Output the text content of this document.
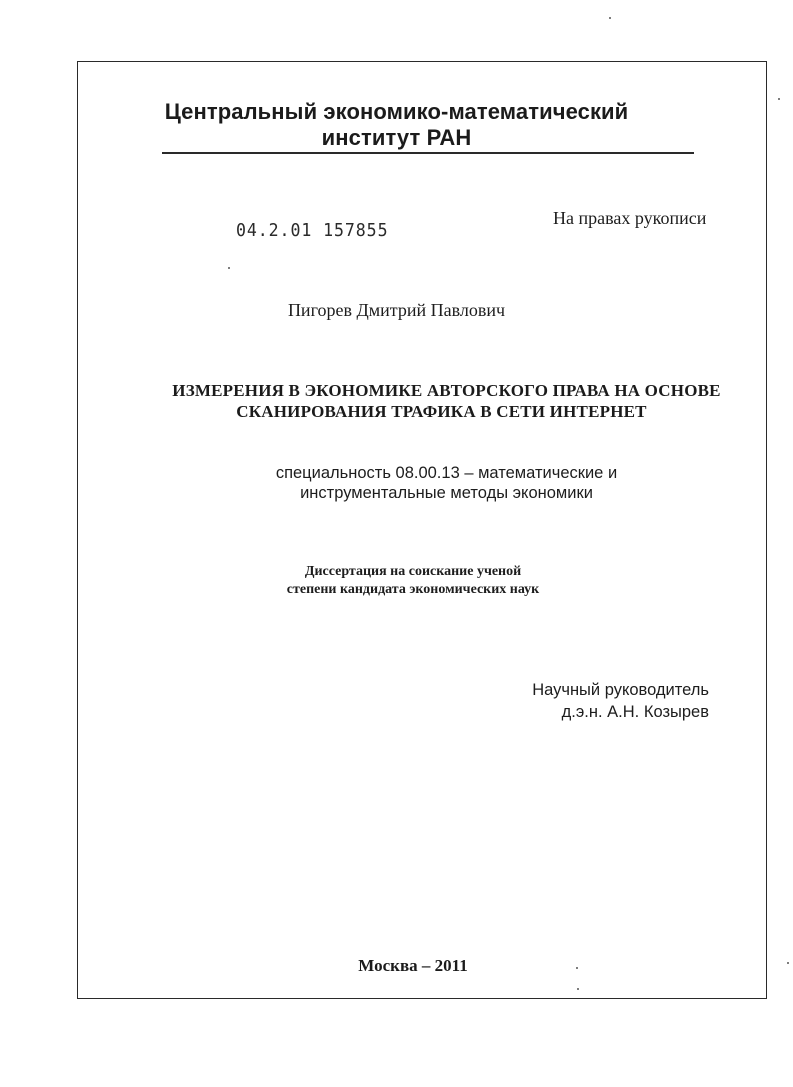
Центральный экономико-математический
институт РАН
04.2.01 157855
На правах рукописи
Пигорев Дмитрий Павлович
ИЗМЕРЕНИЯ В ЭКОНОМИКЕ АВТОРСКОГО ПРАВА НА ОСНОВЕ
СКАНИРОВАНИЯ ТРАФИКА В СЕТИ ИНТЕРНЕТ
специальность 08.00.13 – математические и
инструментальные методы экономики
Диссертация на соискание ученой
степени кандидата экономических наук
Научный руководитель
д.э.н. А.Н. Козырев
Москва – 2011
